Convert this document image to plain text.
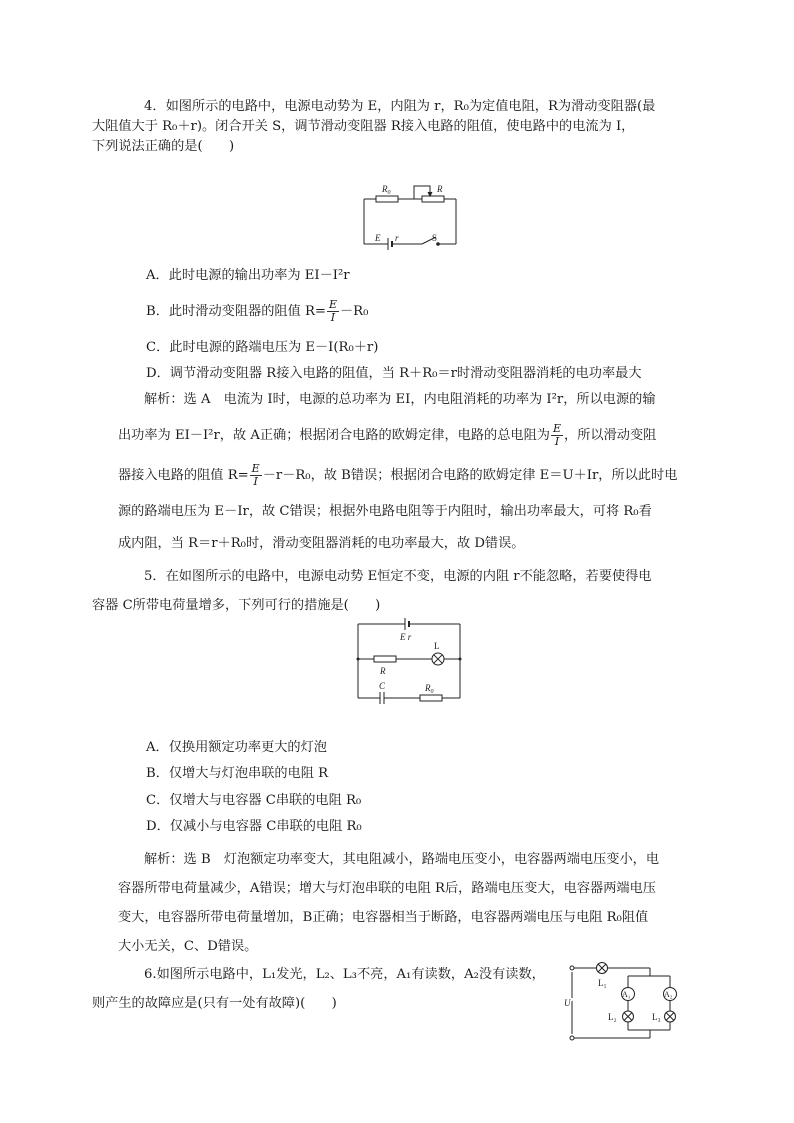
4．如图所示的电路中，电源电动势为 E，内阻为 r，R₀为定值电阻，R为滑动变阻器(最
大阻值大于 R₀＋r)。闭合开关 S，调节滑动变阻器 R接入电路的阻值，使电路中的电流为 I，
下列说法正确的是(　　)

$R_0$	R
E r	S
A．此时电源的输出功率为 EI－I²r
B．此时滑动变阻器的阻值 $R= \frac{E}{I} -R_0$
C．此时电源的路端电压为 E－I(R₀＋r)
D．调节滑动变阻器 R接入电路的阻值，当 R＋R₀＝r时滑动变阻器消耗的电功率最大
解析：选 A　电流为 I时，电源的总功率为 EI，内电阻消耗的功率为 I²r，所以电源的输
出功率为 EI－I²r，故 A正确；根据闭合电路的欧姆定律，电路的总电阻为 $\frac{E}{I}$ ，所以滑动变阻
器接入电路的阻值 $R= \frac{E}{I} -r-R_0$，故 B错误；根据闭合电路的欧姆定律 E＝U＋Ir，所以此时电
源的路端电压为 E－Ir，故 C错误；根据外电路电阻等于内阻时，输出功率最大，可将 R₀看
成内阻，当 R＝r＋R₀时，滑动变阻器消耗的电功率最大，故 D错误。

5．在如图所示的电路中，电源电动势 E恒定不变，电源的内阻 r不能忽略，若要使得电
容器 C所带电荷量增多，下列可行的措施是(　　)

E r
L
R
C	$R_0$
A．仅换用额定功率更大的灯泡
B．仅增大与灯泡串联的电阻 R
C．仅增大与电容器 C串联的电阻 R₀
D．仅减小与电容器 C串联的电阻 R₀
解析：选 B　灯泡额定功率变大，其电阻减小，路端电压变小，电容器两端电压变小，电
容器所带电荷量减少，A错误；增大与灯泡串联的电阻 R后，路端电压变大，电容器两端电压
变大，电容器所带电荷量增加，B正确；电容器相当于断路，电容器两端电压与电阻 R₀阻值
大小无关，C、D错误。

6.如图所示电路中，L₁发光，L₂、L₃不亮，A₁有读数，A₂没有读数，
则产生的故障应是(只有一处有故障)(　　)

L₁
A₁	A₂
L₂	L₃
U
